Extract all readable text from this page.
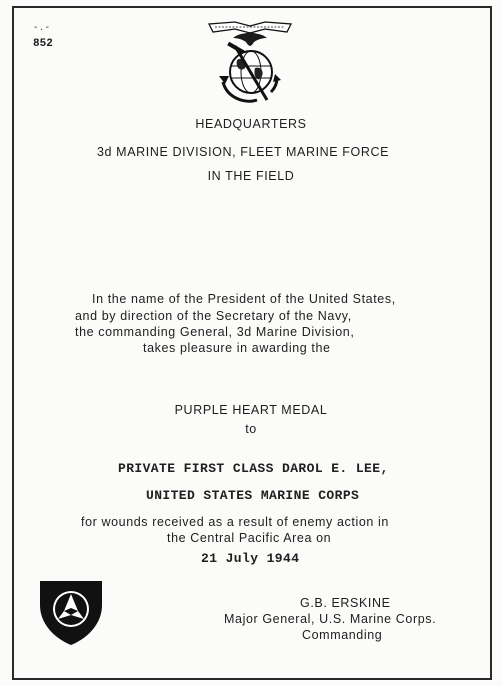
- . -
852
HEADQUARTERS
3d MARINE DIVISION, FLEET MARINE FORCE
IN THE FIELD
In the name of the President of the United States,
and by direction of the Secretary of the Navy,
the commanding General, 3d Marine Division,
takes pleasure in awarding the
PURPLE HEART MEDAL
to
PRIVATE FIRST CLASS DAROL E. LEE,
UNITED STATES MARINE CORPS
for wounds received as a result of enemy action in
the Central Pacific Area on
21 July 1944
G.B. ERSKINE
Major General, U.S. Marine Corps.
Commanding
